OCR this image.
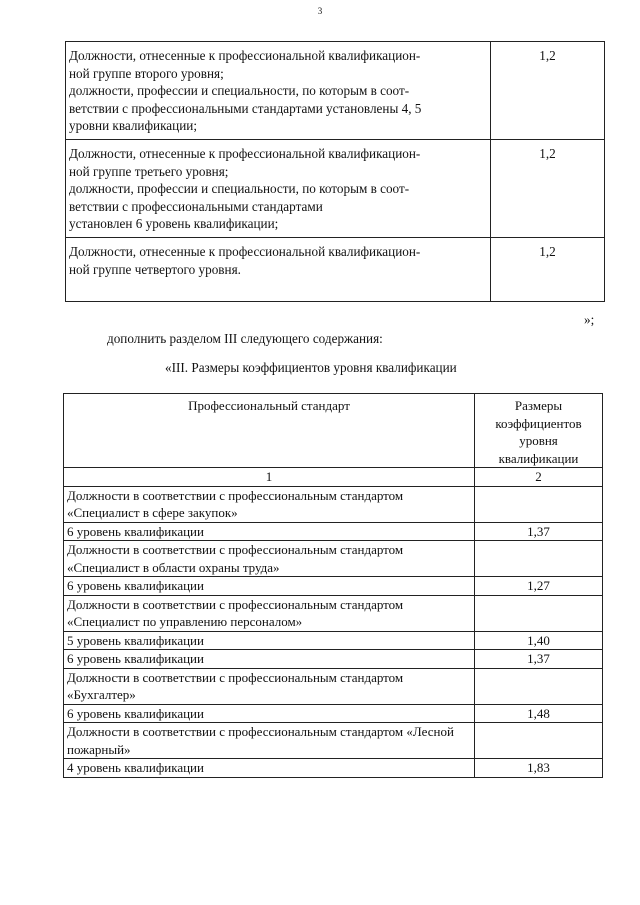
3
Должности, отнесенные к профессиональной квалификацион-
ной группе второго уровня;
должности, профессии и специальности, по которым в соот-
ветствии с профессиональными стандартами установлены 4, 5
уровни квалификации;	1,2
Должности, отнесенные к профессиональной квалификацион-
ной группе третьего уровня;
должности, профессии и специальности, по которым в соот-
ветствии с профессиональными стандартами
установлен 6 уровень квалификации;	1,2
Должности, отнесенные к профессиональной квалификацион-
ной группе четвертого уровня.	1,2
»;
дополнить разделом III следующего содержания:
«III. Размеры коэффициентов уровня квалификации
Профессиональный стандарт	Размеры коэффициентов уровня квалификации
1	2
Должности в соответствии с профессиональным стандартом «Специалист в сфере закупок»	
6 уровень квалификации	1,37
Должности в соответствии с профессиональным стандартом «Специалист в области охраны труда»	
6 уровень квалификации	1,27
Должности в соответствии с профессиональным стандартом «Специалист по управлению персоналом»	
5 уровень квалификации	1,40
6 уровень квалификации	1,37
Должности в соответствии с профессиональным стандартом «Бухгалтер»	
6 уровень квалификации	1,48
Должности в соответствии с профессиональным стандартом «Лесной пожарный»	
4 уровень квалификации	1,83
